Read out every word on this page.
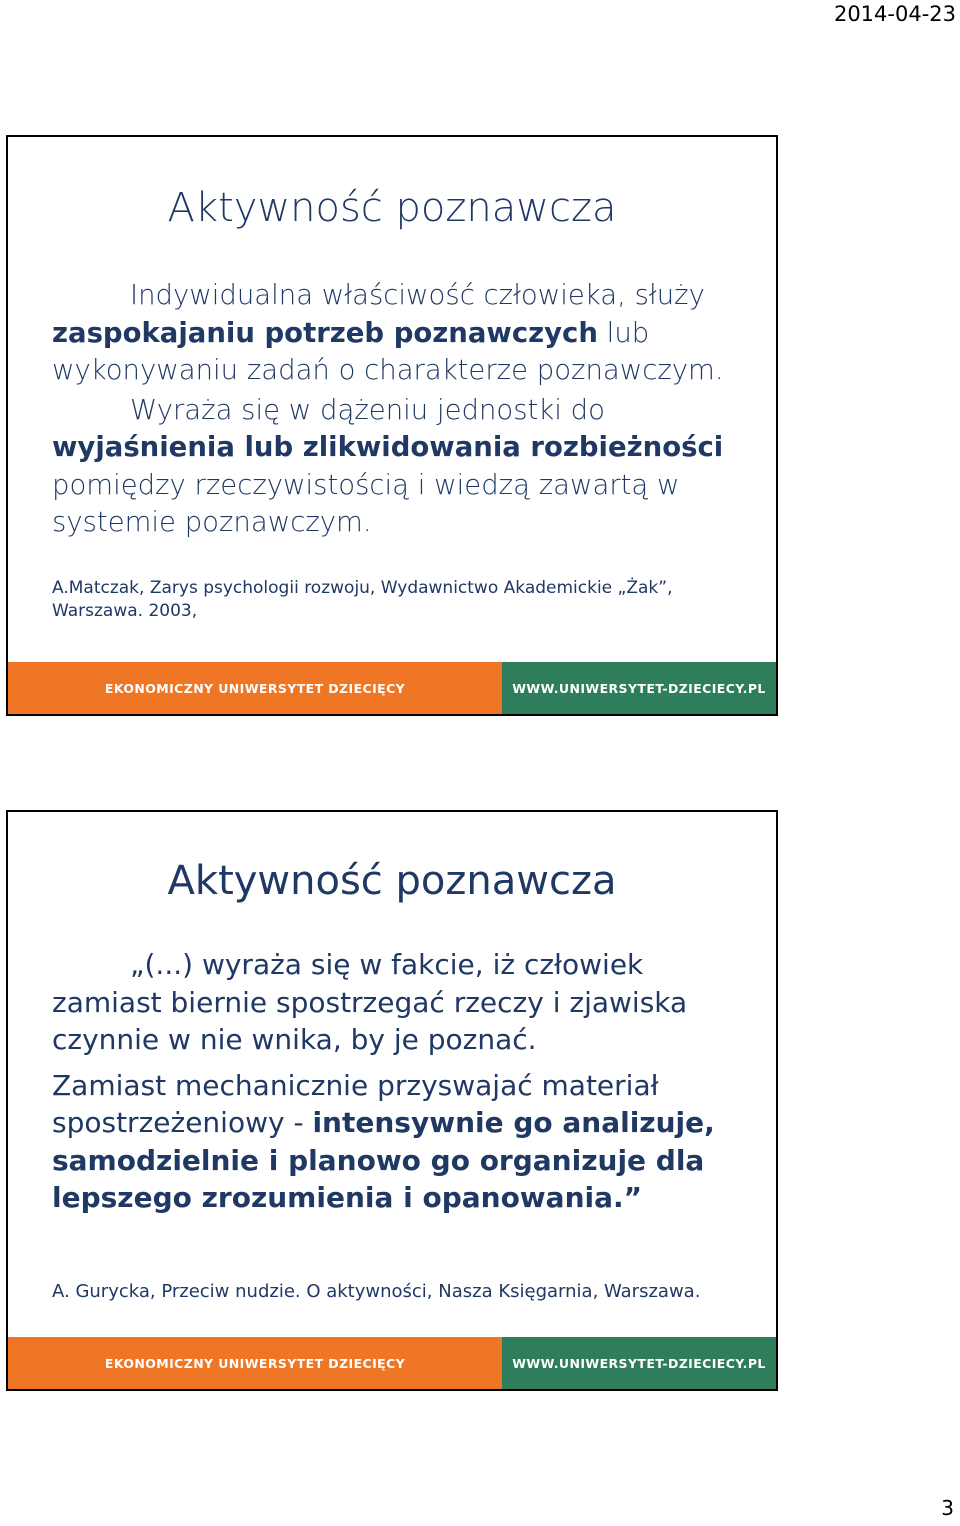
2014-04-23
Aktywność poznawcza

Indywidualna właściwość człowieka, służy zaspokajaniu potrzeb poznawczych lub wykonywaniu zadań o charakterze poznawczym.

Wyraża się w dążeniu jednostki do wyjaśnienia lub zlikwidowania rozbieżności pomiędzy rzeczywistością i wiedzą zawartą w systemie poznawczym.

A.Matczak, Zarys psychologii rozwoju, Wydawnictwo Akademickie „Żak”, Warszawa. 2003,
EKONOMICZNY UNIWERSYTET DZIECIĘCY	WWW.UNIWERSYTET-DZIECIECY.PL
Aktywność poznawcza

„(...) wyraża się w fakcie, iż człowiek zamiast biernie spostrzegać rzeczy i zjawiska czynnie w nie wnika, by je poznać.

Zamiast mechanicznie przyswajać materiał spostrzeżeniowy - intensywnie go analizuje, samodzielnie i planowo go organizuje dla lepszego zrozumienia i opanowania.”

A. Gurycka, Przeciw nudzie. O aktywności, Nasza Księgarnia, Warszawa.
EKONOMICZNY UNIWERSYTET DZIECIĘCY	WWW.UNIWERSYTET-DZIECIECY.PL
3
